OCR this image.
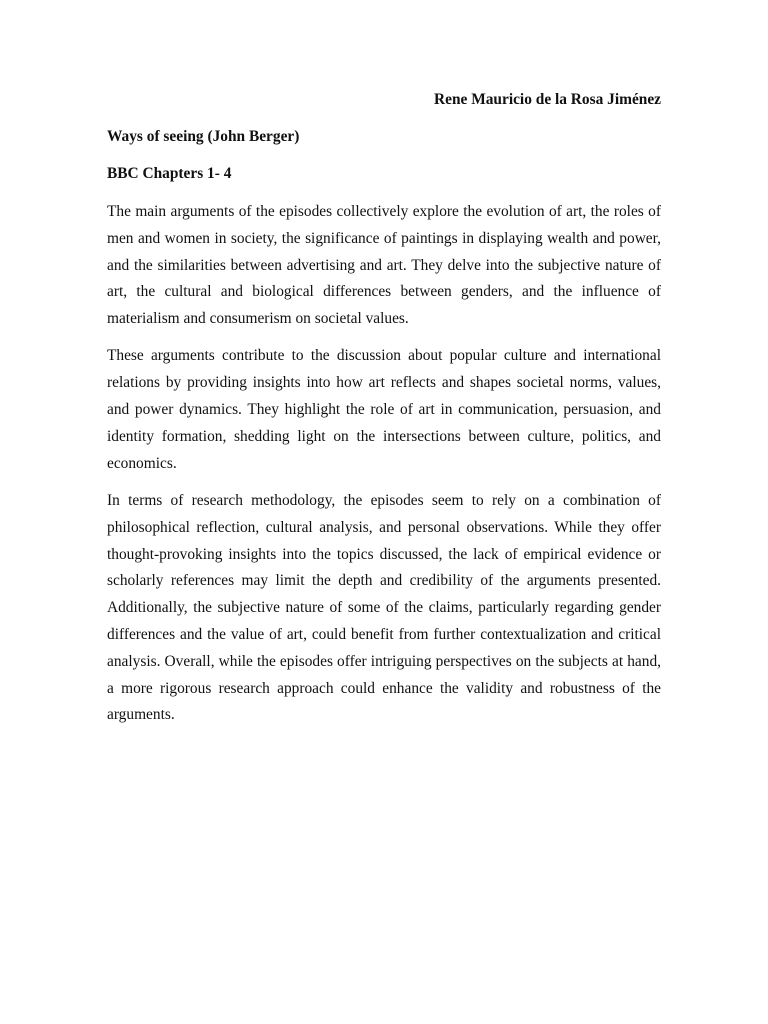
Rene Mauricio de la Rosa Jiménez
Ways of seeing (John Berger)
BBC Chapters 1- 4

The main arguments of the episodes collectively explore the evolution of art, the roles of men and women in society, the significance of paintings in displaying wealth and power, and the similarities between advertising and art. They delve into the subjective nature of art, the cultural and biological differences between genders, and the influence of materialism and consumerism on societal values.

These arguments contribute to the discussion about popular culture and international relations by providing insights into how art reflects and shapes societal norms, values, and power dynamics. They highlight the role of art in communication, persuasion, and identity formation, shedding light on the intersections between culture, politics, and economics.

In terms of research methodology, the episodes seem to rely on a combination of philosophical reflection, cultural analysis, and personal observations. While they offer thought-provoking insights into the topics discussed, the lack of empirical evidence or scholarly references may limit the depth and credibility of the arguments presented. Additionally, the subjective nature of some of the claims, particularly regarding gender differences and the value of art, could benefit from further contextualization and critical analysis. Overall, while the episodes offer intriguing perspectives on the subjects at hand, a more rigorous research approach could enhance the validity and robustness of the arguments.
